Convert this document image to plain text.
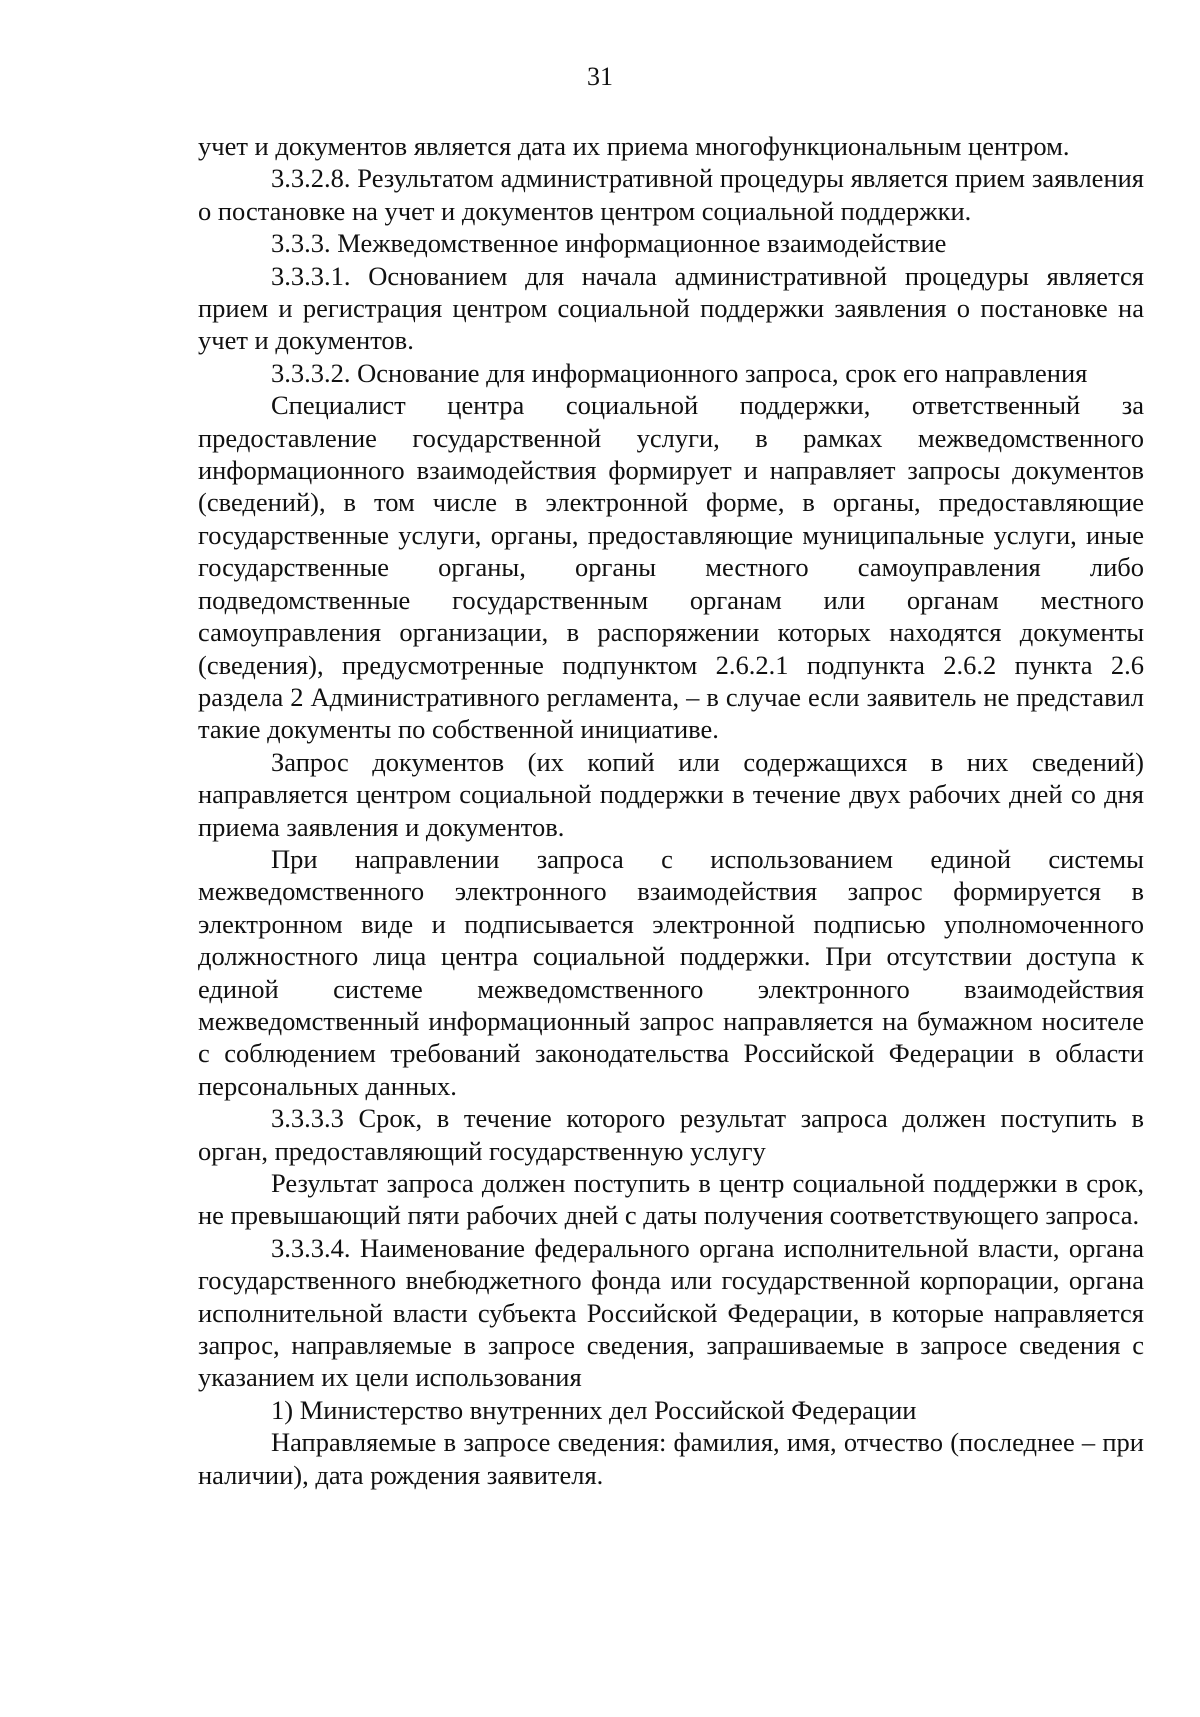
31

учет и документов является дата их приема многофункциональным центром.

3.3.2.8. Результатом административной процедуры является прием заявления о постановке на учет и документов центром социальной поддержки.

3.3.3. Межведомственное информационное взаимодействие

3.3.3.1. Основанием для начала административной процедуры является прием и регистрация центром социальной поддержки заявления о постановке на учет и документов.

3.3.3.2. Основание для информационного запроса, срок его направления

Специалист центра социальной поддержки, ответственный за предоставление государственной услуги, в рамках межведомственного информационного взаимодействия формирует и направляет запросы документов (сведений), в том числе в электронной форме, в органы, предоставляющие государственные услуги, органы, предоставляющие муниципальные услуги, иные государственные органы, органы местного самоуправления либо подведомственные государственным органам или органам местного самоуправления организации, в распоряжении которых находятся документы (сведения), предусмотренные подпунктом 2.6.2.1 подпункта 2.6.2 пункта 2.6 раздела 2 Административного регламента, – в случае если заявитель не представил такие документы по собственной инициативе.

Запрос документов (их копий или содержащихся в них сведений) направляется центром социальной поддержки в течение двух рабочих дней со дня приема заявления и документов.

При направлении запроса с использованием единой системы межведомственного электронного взаимодействия запрос формируется в электронном виде и подписывается электронной подписью уполномоченного должностного лица центра социальной поддержки. При отсутствии доступа к единой системе межведомственного электронного взаимодействия межведомственный информационный запрос направляется на бумажном носителе с соблюдением требований законодательства Российской Федерации в области персональных данных.

3.3.3.3 Срок, в течение которого результат запроса должен поступить в орган, предоставляющий государственную услугу

Результат запроса должен поступить в центр социальной поддержки в срок, не превышающий пяти рабочих дней с даты получения соответствующего запроса.

3.3.3.4. Наименование федерального органа исполнительной власти, органа государственного внебюджетного фонда или государственной корпорации, органа исполнительной власти субъекта Российской Федерации, в которые направляется запрос, направляемые в запросе сведения, запрашиваемые в запросе сведения с указанием их цели использования

1) Министерство внутренних дел Российской Федерации

Направляемые в запросе сведения: фамилия, имя, отчество (последнее – при наличии), дата рождения заявителя.
